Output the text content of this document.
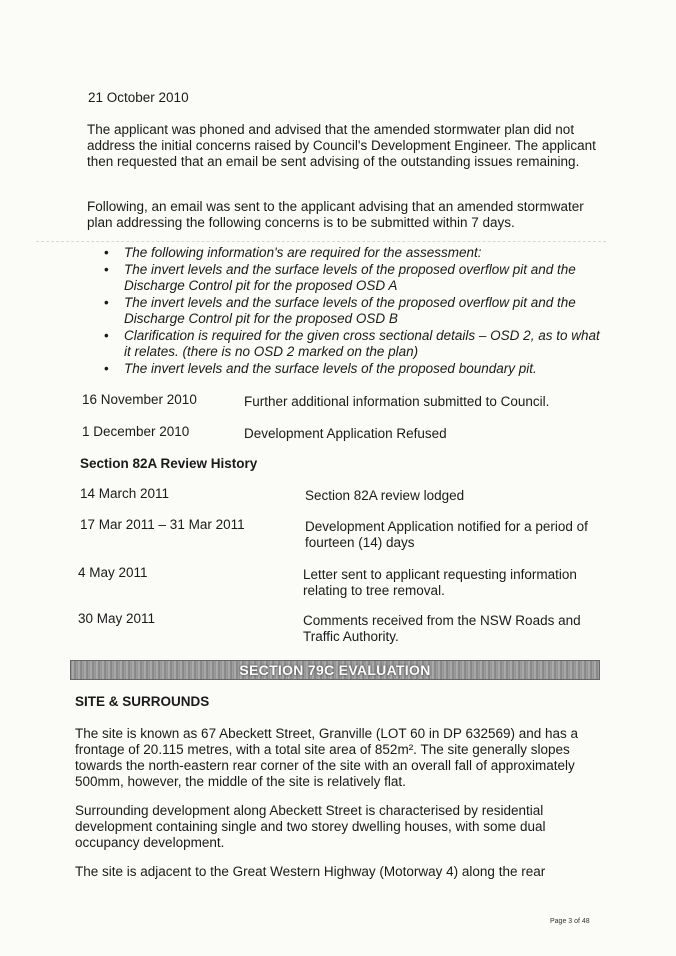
21 October 2010
The applicant was phoned and advised that the amended stormwater plan did not address the initial concerns raised by Council's Development Engineer. The applicant then requested that an email be sent advising of the outstanding issues remaining.
Following, an email was sent to the applicant advising that an amended stormwater plan addressing the following concerns is to be submitted within 7 days.
• The following information's are required for the assessment:
• The invert levels and the surface levels of the proposed overflow pit and the Discharge Control pit for the proposed OSD A
• The invert levels and the surface levels of the proposed overflow pit and the Discharge Control pit for the proposed OSD B
• Clarification is required for the given cross sectional details – OSD 2, as to what it relates. (there is no OSD 2 marked on the plan)
• The invert levels and the surface levels of the proposed boundary pit.
16 November 2010	Further additional information submitted to Council.
1 December 2010	Development Application Refused
Section 82A Review History
14 March 2011	Section 82A review lodged
17 Mar 2011 – 31 Mar 2011	Development Application notified for a period of fourteen (14) days
4 May 2011	Letter sent to applicant requesting information relating to tree removal.
30 May 2011	Comments received from the NSW Roads and Traffic Authority.
SECTION 79C EVALUATION
SITE & SURROUNDS
The site is known as 67 Abeckett Street, Granville (LOT 60 in DP 632569) and has a frontage of 20.115 metres, with a total site area of 852m². The site generally slopes towards the north-eastern rear corner of the site with an overall fall of approximately 500mm, however, the middle of the site is relatively flat.
Surrounding development along Abeckett Street is characterised by residential development containing single and two storey dwelling houses, with some dual occupancy development.
The site is adjacent to the Great Western Highway (Motorway 4) along the rear
Page 3 of 48
